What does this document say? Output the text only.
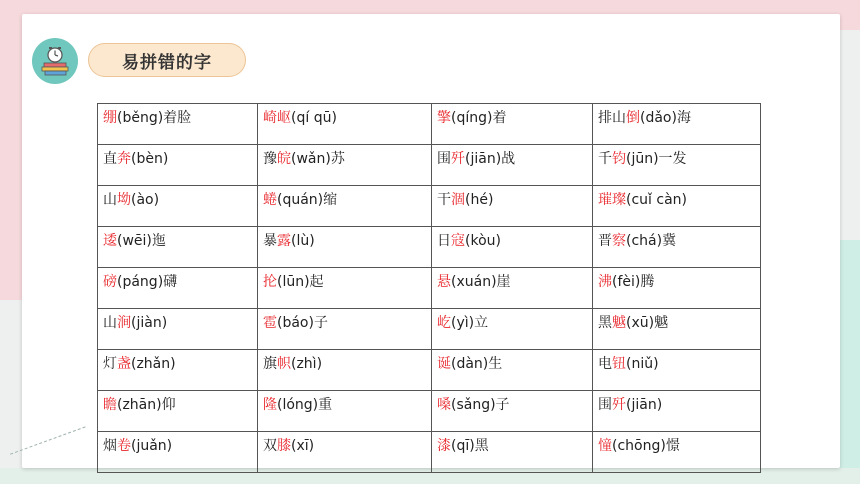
易拼错的字
绷(běng)着脸	崎岖(qí qū)	擎(qíng)着	排山倒(dǎo)海
直奔(bèn)	豫皖(wǎn)苏	围歼(jiān)战	千钧(jūn)一发
山坳(ào)	蜷(quán)缩	干涸(hé)	璀璨(cuǐ càn)
逶(wēi)迤	暴露(lù)	日寇(kòu)	晋察(chá)冀
磅(páng)礴	抡(lūn)起	悬(xuán)崖	沸(fèi)腾
山涧(jiàn)	雹(báo)子	屹(yì)立	黑魆(xū)魆
灯盏(zhǎn)	旗帜(zhì)	诞(dàn)生	电钮(niǔ)
瞻(zhān)仰	隆(lóng)重	嗓(sǎng)子	围歼(jiān)
烟卷(juǎn)	双膝(xī)	漆(qī)黑	憧(chōng)憬
